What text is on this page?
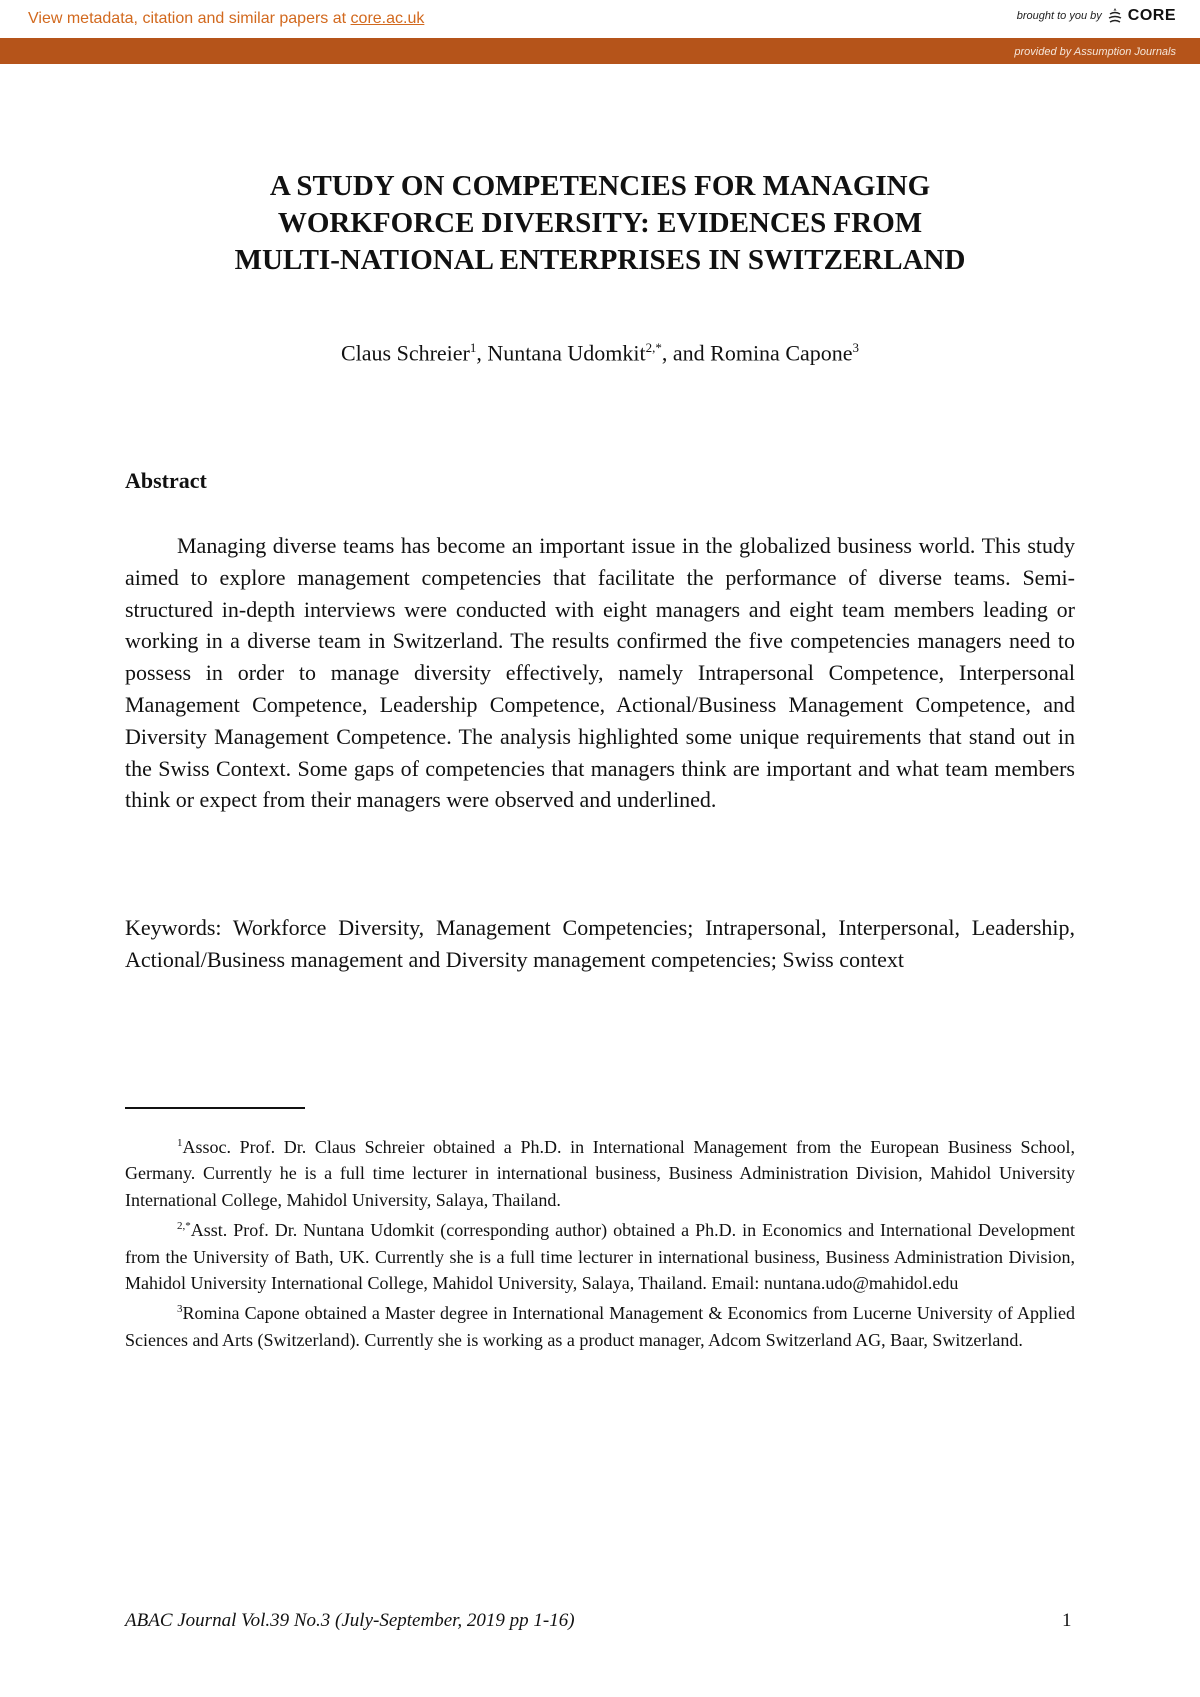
View metadata, citation and similar papers at core.ac.uk	brought to you by CORE
provided by Assumption Journals
A STUDY ON COMPETENCIES FOR MANAGING
WORKFORCE DIVERSITY: EVIDENCES FROM
MULTI-NATIONAL ENTERPRISES IN SWITZERLAND

Claus Schreier$^1$, Nuntana Udomkit$^{2,*}$, and Romina Capone$^3$

Abstract

Managing diverse teams has become an important issue in the globalized business world. This study aimed to explore management competencies that facilitate the performance of diverse teams. Semi-structured in-depth interviews were conducted with eight managers and eight team members leading or working in a diverse team in Switzerland. The results confirmed the five competencies managers need to possess in order to manage diversity effectively, namely Intrapersonal Competence, Interpersonal Management Competence, Leadership Competence, Actional/Business Management Competence, and Diversity Management Competence. The analysis highlighted some unique requirements that stand out in the Swiss Context. Some gaps of competencies that managers think are important and what team members think or expect from their managers were observed and underlined.

Keywords: Workforce Diversity, Management Competencies; Intrapersonal, Interpersonal, Leadership, Actional/Business management and Diversity management competencies; Swiss context

$^1$Assoc. Prof. Dr. Claus Schreier obtained a Ph.D. in International Management from the European Business School, Germany. Currently he is a full time lecturer in international business, Business Administration Division, Mahidol University International College, Mahidol University, Salaya, Thailand.

$^{2,*}$Asst. Prof. Dr. Nuntana Udomkit (corresponding author) obtained a Ph.D. in Economics and International Development from the University of Bath, UK. Currently she is a full time lecturer in international business, Business Administration Division, Mahidol University International College, Mahidol University, Salaya, Thailand. Email: nuntana.udo@mahidol.edu

$^3$Romina Capone obtained a Master degree in International Management & Economics from Lucerne University of Applied Sciences and Arts (Switzerland). Currently she is working as a product manager, Adcom Switzerland AG, Baar, Switzerland.

ABAC Journal Vol.39 No.3 (July-September, 2019 pp 1-16)	1
